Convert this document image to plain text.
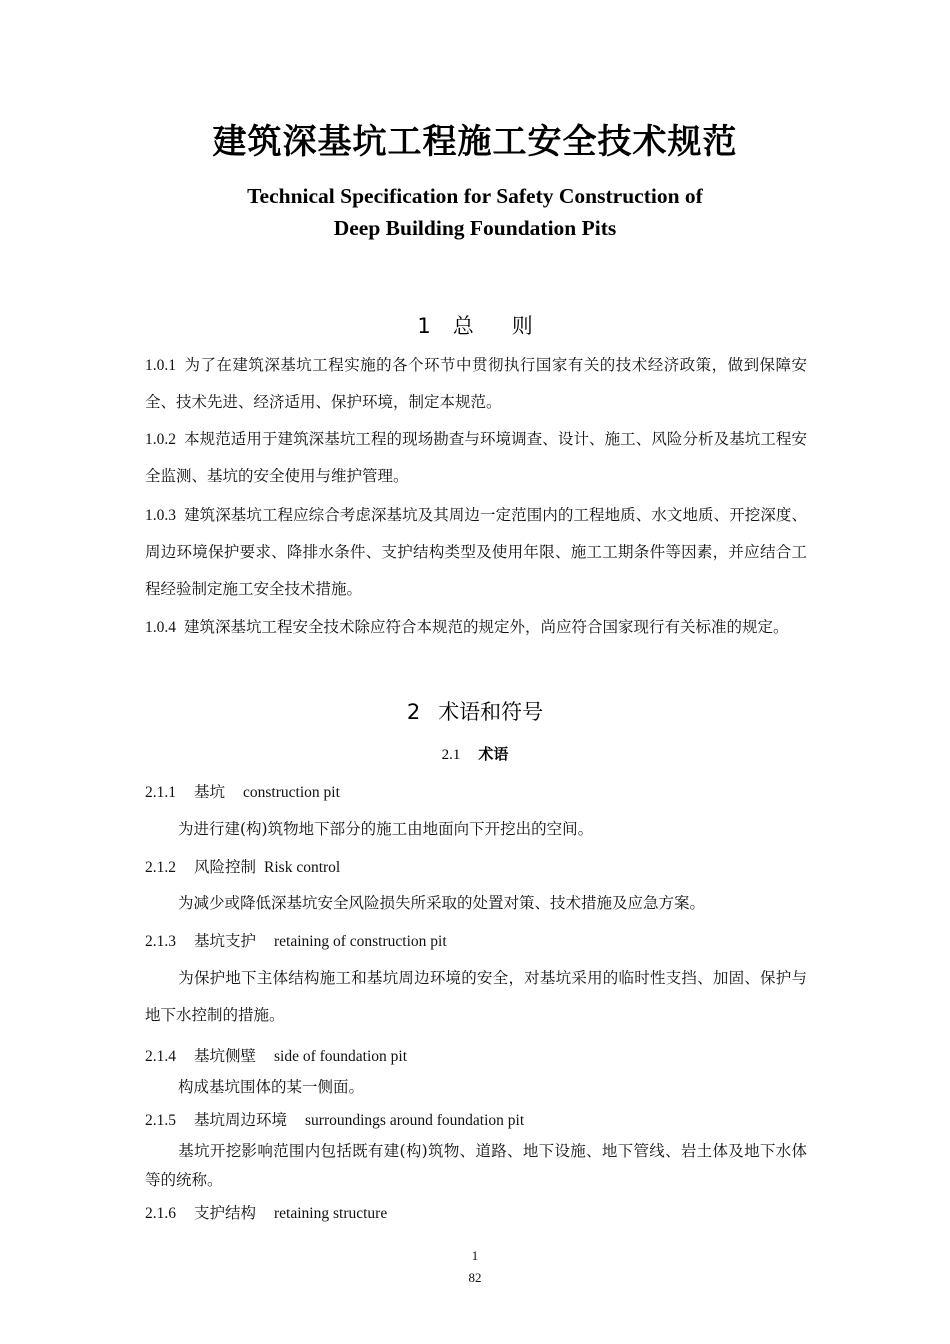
建筑深基坑工程施工安全技术规范
Technical Specification for Safety Construction of
Deep Building Foundation Pits
1 总 则
1.0.1 为了在建筑深基坑工程实施的各个环节中贯彻执行国家有关的技术经济政策，做到保障安全、技术先进、经济适用、保护环境，制定本规范。
1.0.2 本规范适用于建筑深基坑工程的现场勘查与环境调查、设计、施工、风险分析及基坑工程安全监测、基坑的安全使用与维护管理。
1.0.3 建筑深基坑工程应综合考虑深基坑及其周边一定范围内的工程地质、水文地质、开挖深度、周边环境保护要求、降排水条件、支护结构类型及使用年限、施工工期条件等因素，并应结合工程经验制定施工安全技术措施。
1.0.4 建筑深基坑工程安全技术除应符合本规范的规定外，尚应符合国家现行有关标准的规定。
2 术语和符号
2.1 术语
2.1.1 基坑 construction pit
为进行建(构)筑物地下部分的施工由地面向下开挖出的空间。
2.1.2 风险控制 Risk control
为减少或降低深基坑安全风险损失所采取的处置对策、技术措施及应急方案。
2.1.3 基坑支护 retaining of construction pit
为保护地下主体结构施工和基坑周边环境的安全，对基坑采用的临时性支挡、加固、保护与地下水控制的措施。
2.1.4 基坑侧壁 side of foundation pit
构成基坑围体的某一侧面。
2.1.5 基坑周边环境 surroundings around foundation pit
基坑开挖影响范围内包括既有建(构)筑物、道路、地下设施、地下管线、岩土体及地下水体等的统称。
2.1.6 支护结构 retaining structure
1
82
